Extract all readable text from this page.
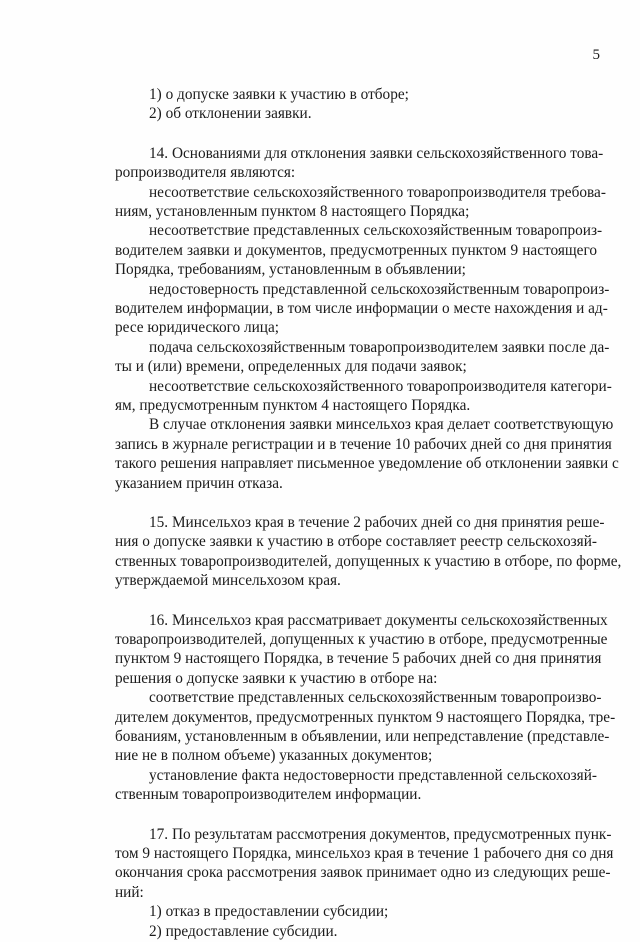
5
1) о допуске заявки к участию в отборе;
2) об отклонении заявки.
14. Основаниями для отклонения заявки сельскохозяйственного това-
ропроизводителя являются:
несоответствие сельскохозяйственного товаропроизводителя требова-
ниям, установленным пунктом 8 настоящего Порядка;
несоответствие представленных сельскохозяйственным товаропроиз-
водителем заявки и документов, предусмотренных пунктом 9 настоящего
Порядка, требованиям, установленным в объявлении;
недостоверность представленной сельскохозяйственным товаропроиз-
водителем информации, в том числе информации о месте нахождения и ад-
ресе юридического лица;
подача сельскохозяйственным товаропроизводителем заявки после да-
ты и (или) времени, определенных для подачи заявок;
несоответствие сельскохозяйственного товаропроизводителя категори-
ям, предусмотренным пунктом 4 настоящего Порядка.
В случае отклонения заявки минсельхоз края делает соответствующую
запись в журнале регистрации и в течение 10 рабочих дней со дня принятия
такого решения направляет письменное уведомление об отклонении заявки с
указанием причин отказа.
15. Минсельхоз края в течение 2 рабочих дней со дня принятия реше-
ния о допуске заявки к участию в отборе составляет реестр сельскохозяй-
ственных товаропроизводителей, допущенных к участию в отборе, по форме,
утверждаемой минсельхозом края.
16. Минсельхоз края рассматривает документы сельскохозяйственных
товаропроизводителей, допущенных к участию в отборе, предусмотренные
пунктом 9 настоящего Порядка, в течение 5 рабочих дней со дня принятия
решения о допуске заявки к участию в отборе на:
соответствие представленных сельскохозяйственным товаропроизво-
дителем документов, предусмотренных пунктом 9 настоящего Порядка, тре-
бованиям, установленным в объявлении, или непредставление (представле-
ние не в полном объеме) указанных документов;
установление факта недостоверности представленной сельскохозяй-
ственным товаропроизводителем информации.
17. По результатам рассмотрения документов, предусмотренных пунк-
том 9 настоящего Порядка, минсельхоз края в течение 1 рабочего дня со дня
окончания срока рассмотрения заявок принимает одно из следующих реше-
ний:
1) отказ в предоставлении субсидии;
2) предоставление субсидии.
